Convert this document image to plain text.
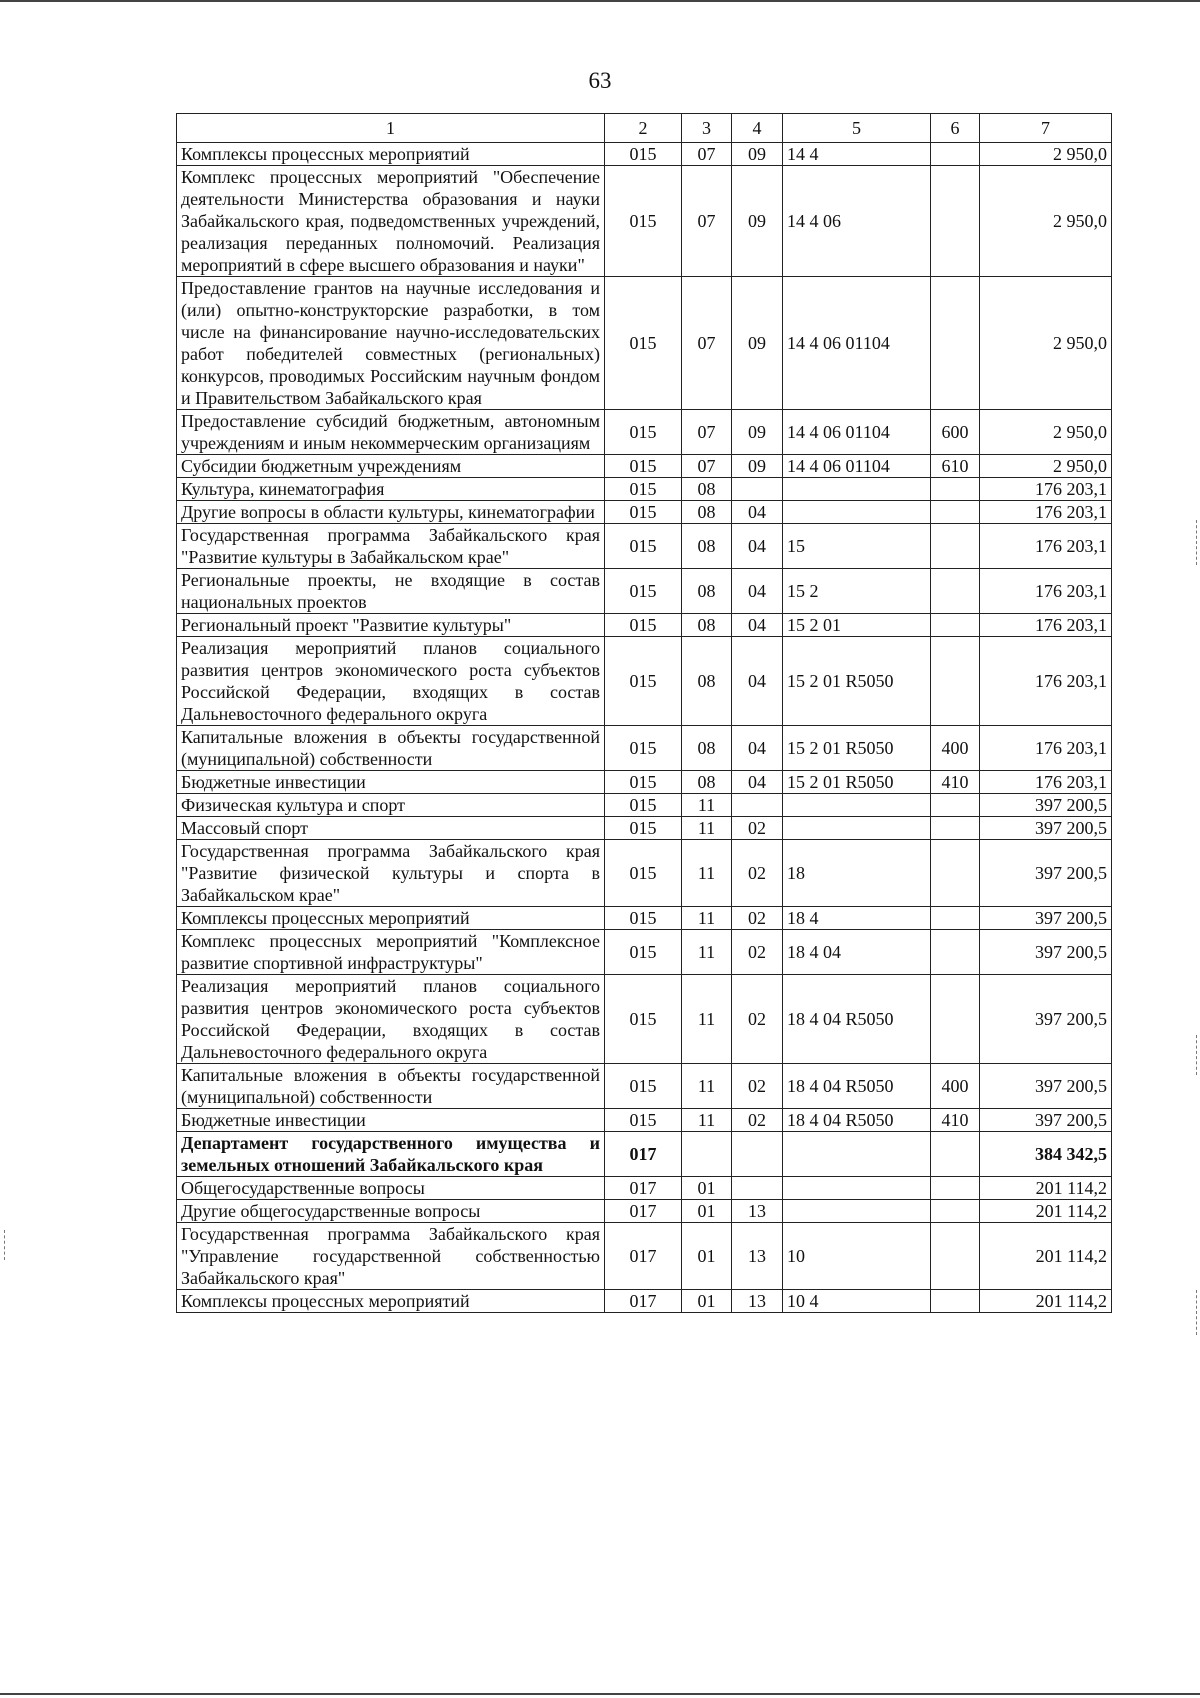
63
1	2	3	4	5	6	7
Комплексы процессных мероприятий	015	07	09	14 4		2 950,0
Комплекс процессных мероприятий "Обеспечение деятельности Министерства образования и науки Забайкальского края, подведомственных учреждений, реализация переданных полномочий. Реализация мероприятий в сфере высшего образования и науки"	015	07	09	14 4 06		2 950,0
Предоставление грантов на научные исследования и (или) опытно-конструкторские разработки, в том числе на финансирование научно-исследовательских работ победителей совместных (региональных) конкурсов, проводимых Российским научным фондом и Правительством Забайкальского края	015	07	09	14 4 06 01104		2 950,0
Предоставление субсидий бюджетным, автономным учреждениям и иным некоммерческим организациям	015	07	09	14 4 06 01104	600	2 950,0
Субсидии бюджетным учреждениям	015	07	09	14 4 06 01104	610	2 950,0
Культура, кинематография	015	08				176 203,1
Другие вопросы в области культуры, кинематографии	015	08	04			176 203,1
Государственная программа Забайкальского края "Развитие культуры в Забайкальском крае"	015	08	04	15		176 203,1
Региональные проекты, не входящие в состав национальных проектов	015	08	04	15 2		176 203,1
Региональный проект "Развитие культуры"	015	08	04	15 2 01		176 203,1
Реализация мероприятий планов социального развития центров экономического роста субъектов Российской Федерации, входящих в состав Дальневосточного федерального округа	015	08	04	15 2 01 R5050		176 203,1
Капитальные вложения в объекты государственной (муниципальной) собственности	015	08	04	15 2 01 R5050	400	176 203,1
Бюджетные инвестиции	015	08	04	15 2 01 R5050	410	176 203,1
Физическая культура и спорт	015	11				397 200,5
Массовый спорт	015	11	02			397 200,5
Государственная программа Забайкальского края "Развитие физической культуры и спорта в Забайкальском крае"	015	11	02	18		397 200,5
Комплексы процессных мероприятий	015	11	02	18 4		397 200,5
Комплекс процессных мероприятий "Комплексное развитие спортивной инфраструктуры"	015	11	02	18 4 04		397 200,5
Реализация мероприятий планов социального развития центров экономического роста субъектов Российской Федерации, входящих в состав Дальневосточного федерального округа	015	11	02	18 4 04 R5050		397 200,5
Капитальные вложения в объекты государственной (муниципальной) собственности	015	11	02	18 4 04 R5050	400	397 200,5
Бюджетные инвестиции	015	11	02	18 4 04 R5050	410	397 200,5
Департамент государственного имущества и земельных отношений Забайкальского края	017					384 342,5
Общегосударственные вопросы	017	01				201 114,2
Другие общегосударственные вопросы	017	01	13			201 114,2
Государственная программа Забайкальского края "Управление государственной собственностью Забайкальского края"	017	01	13	10		201 114,2
Комплексы процессных мероприятий	017	01	13	10 4		201 114,2
